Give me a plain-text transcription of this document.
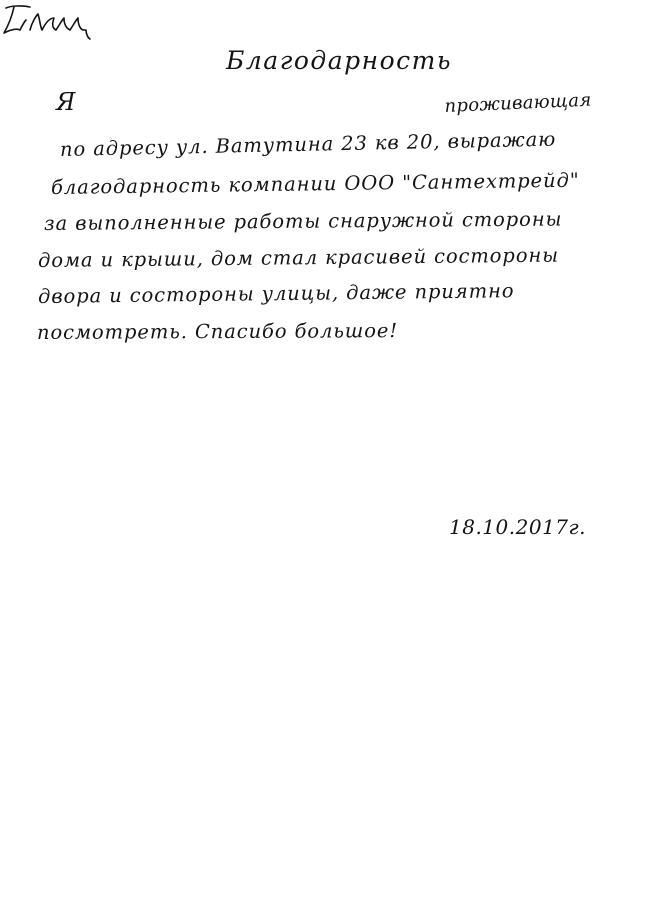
Благодарность
Я	проживающая
по адресу ул. Ватутина 23 кв 20, выражаю
благодарность компании ООО "Сантехтрейд"
за выполненные работы снаружной стороны
дома и крыши, дом стал красивей состороны
двора и состороны улицы, даже приятно
посмотреть. Спасибо большое!
18.10.2017г.
